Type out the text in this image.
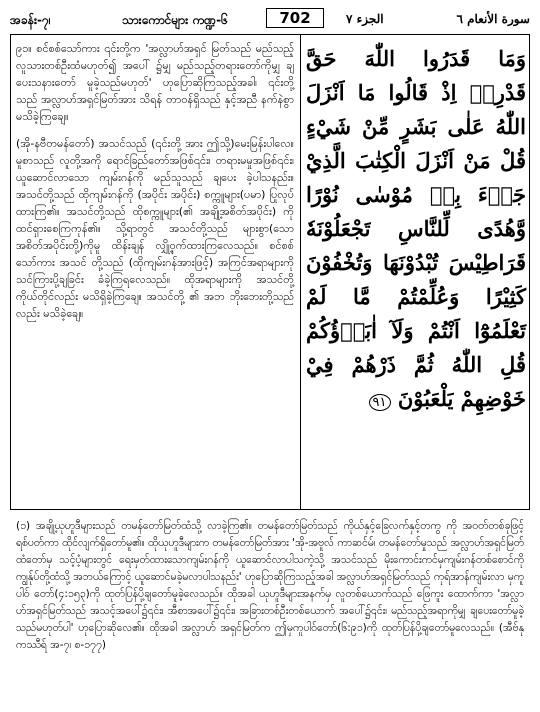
အခန်း-၇၊	သားကောင်များ ကဏ္ဍ-၆	702	الجزء ٧	سورة الأنعام ٦

၉၁။ စင်စစ်သော်ကား ၎င်းတို့က 'အလ္လာဟ်အရှင် မြတ်သည် မည်သည့်လူသားတစ်ဦးထံမဟုတ်၍ အပေါ် ၌မျှ မည်သည့်တရားတော်ကိုမျှ ချပေးသနားတော် မူခဲ့သည်မဟုတ်' ဟုပြောဆိုကြသည့်အခါ၊ ၎င်းတို့ သည် အလ္လာဟ်အရှင်မြတ်အား သိရန် တာဝန်ရှိသည် နှင့်အညီ နက်နဲစွာမသိခဲ့ကြချေ။

(အို-နဗီတမန်တော်) အသင်သည် (၎င်းတို့ အား ဤသို့)မေးမြန်းပါလေ။ မူစာသည် လူတို့အကို ရောင်ခြည်တော်အဖြစ်၎င်း၊ တရားမမှုအဖြစ်၎င်း၊ ယူဆောင်လာသော ကျမ်းဂန်ကို မည်သူသည် ချပေး ခဲ့ပါသနည်း။ အသင်တို့သည် ထိုကျမ်းဂန်ကို (အပိုင်း အပိုင်း) စက္ကူများ(ပမာ) ပြုလုပ်ထားကြ၏။ အသင်တို့သည် ထိုစက္ကူများ(၏ အချို့အစိတ်အပိုင်း) ကိုထင်ရှားစေကြကုန်၏။ သို့ရာတွင် အသင်တို့သည် များစွာ(သော အစိတ်အပိုင်းတို့)ကိုမူ ထိန်းချန် လျှို့ဝှက်ထားကြလေသည်။ စင်စစ်သော်ကား အသင် တို့သည် (ထိုကျမ်းဂန်အားဖြင့်) အကြင်အရာများကို သင်ကြားပို့ချခြင်း ခံခဲ့ကြရလေသည်။ ထိုအရာများကို အသင်တို့ ကိုယ်တိုင်လည်း မသိရှိခဲ့ကြချေ။ အသင်တို့ ၏ အဘ ဘိုးဘေးတို့သည်လည်း မသိခဲ့ချေ။

وَمَا قَدَرُوا اللّٰهَ حَقَّ قَدْرِهٖ اِذْ قَالُوا مَا اَنْزَلَ اللّٰهُ عَلٰى بَشَرٍ مِّنْ شَيْءٍ قُلْ مَنْ اَنْزَلَ الْكِتٰبَ الَّذِيْ جَاۤءَ بِهٖ مُوْسٰى نُوْرًا وَّهُدًى لِّلنَّاسِ تَجْعَلُوْنَهٗ قَرَاطِيْسَ تُبْدُوْنَهَا وَتُخْفُوْنَ كَثِيْرًا وَعُلِّمْتُمْ مَّا لَمْ تَعْلَمُوْٓا اَنْتُمْ وَلَآ اٰبَاۤؤُكُمْ قُلِ اللّٰهُ ثُمَّ ذَرْهُمْ فِيْ خَوْضِهِمْ يَلْعَبُوْنَ ٩١

(၁) အချို့ယုဟူဒီများသည် တမန်တော်မြတ်ထံသို့ လာခဲ့ကြ၏။ တမန်တော်မြတ်သည် ကိုယ်နှင့်ခြေလက်နှင့်တကွ ကို အဝတ်တစ်ခုဖြင့်ရစ်ပတ်ကာ ထိုင်လျက်ရှိတော်မူ၏။ ထိုယုဟူဒီများက တမန်တော်မြတ်အား 'အို-အဗူလ် ကာဆင်မ်၊ တမန်တော်မှုသည် အလ္လာဟ်အရှင်မြတ်ထံတော်မှ သင့်ပံ့များတွင် ရေးမှတ်ထားသောကျမ်းဂန်ကို ယူဆောင်လာပါသကဲ့သို့ အသင်သည် မိုးကောင်းကင်မှကျမ်းဂန်တစ်စောင်ကို ကျွန်ုပ်တို့ထံသို့ အဘယ်ကြောင့် ယူဆောင်မခဲ့မလာပါသနည်း' ဟုပြောဆိုကြသည့်အခါ အလ္လာဟ်အရှင်မြတ်သည် ကုရ်အာန်ကျမ်းလာ မှကူပါဝ် တော်(၄:၁၅၃)ကို ထုတ်ပြန်ပို့ချတော်မူခဲ့လေသည်။ ထိုအခါ ယုဟူဒီများအနက်မှ လူတစ်ယောက်သည် ဖြေကူး ထောက်ကာ 'အလ္လာဟ်အရှင်မြတ်သည် အသင့်အပေါ်၌၎င်း၊ အီစာအပေါ်၌၎င်း၊ အခြားတစ်ဦးတစ်ယောက် အပေါ်၌၎င်း၊ မည်သည့်အရာကိုမျှ ချပေးတော်မူခဲ့သည်မဟုတ်ပါ' ဟုပြောဆိုလေ၏။ ထိုအခါ အလ္လာဟ် အရှင်မြတ်က ဤမှကူပါဝ်တော်(၆:၉၁)ကို ထုတ်ပြန်ပို့ချတော်မူလေသည်။ (အီဗ်နုကဿီရ် အ-၇၊ စ-၁၇၇)
